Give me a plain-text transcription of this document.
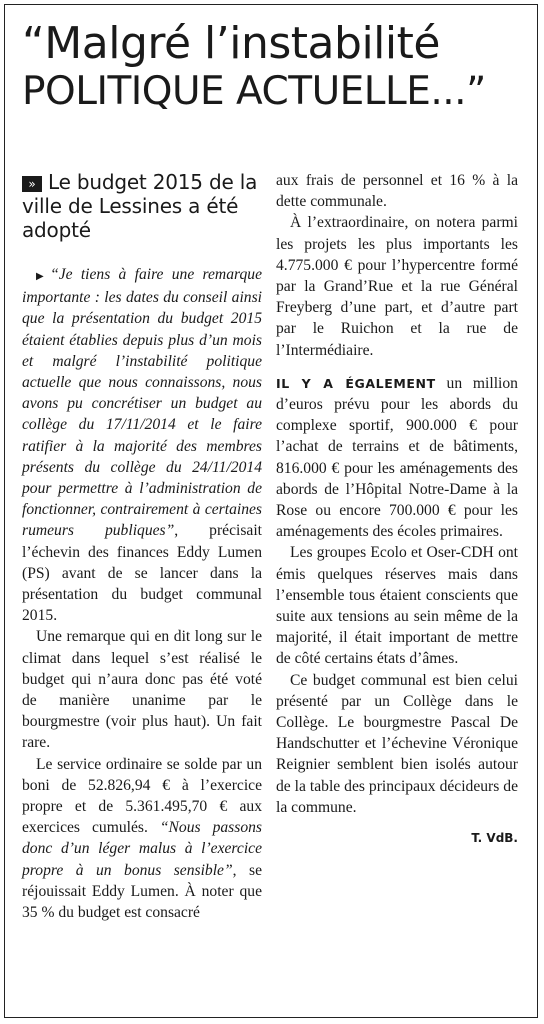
“Malgré l’instabilité
POLITIQUE ACTUELLE...”
» Le budget 2015 de la ville de Lessines a été adopté

▶ “Je tiens à faire une remarque importante : les dates du conseil ainsi que la présentation du budget 2015 étaient établies depuis plus d’un mois et malgré l’instabilité politique actuelle que nous connaissons, nous avons pu concrétiser un budget au collège du 17/11/2014 et le faire ratifier à la majorité des membres présents du collège du 24/11/2014 pour permettre à l’administration de fonctionner, contrairement à certaines rumeurs publiques”, précisait l’échevin des finances Eddy Lumen (PS) avant de se lancer dans la présentation du budget communal 2015.

Une remarque qui en dit long sur le climat dans lequel s’est réalisé le budget qui n’aura donc pas été voté de manière unanime par le bourgmestre (voir plus haut). Un fait rare.

Le service ordinaire se solde par un boni de 52.826,94 € à l’exercice propre et de 5.361.495,70 € aux exercices cumulés. “Nous passons donc d’un léger malus à l’exercice propre à un bonus sensible”, se réjouissait Eddy Lumen. À noter que 35 % du budget est consacré

aux frais de personnel et 16 % à la dette communale.

À l’extraordinaire, on notera parmi les projets les plus importants les 4.775.000 € pour l’hypercentre formé par la Grand’Rue et la rue Général Freyberg d’une part, et d’autre part par le Ruichon et la rue de l’Intermédiaire.

IL Y A ÉGALEMENT un million d’euros prévu pour les abords du complexe sportif, 900.000 € pour l’achat de terrains et de bâtiments, 816.000 € pour les aménagements des abords de l’Hôpital Notre-Dame à la Rose ou encore 700.000 € pour les aménagements des écoles primaires.

Les groupes Ecolo et Oser-CDH ont émis quelques réserves mais dans l’ensemble tous étaient conscients que suite aux tensions au sein même de la majorité, il était important de mettre de côté certains états d’âmes.

Ce budget communal est bien celui présenté par un Collège dans le Collège. Le bourgmestre Pascal De Handschutter et l’échevine Véronique Reignier semblent bien isolés autour de la table des principaux décideurs de la commune.

T. VdB.
